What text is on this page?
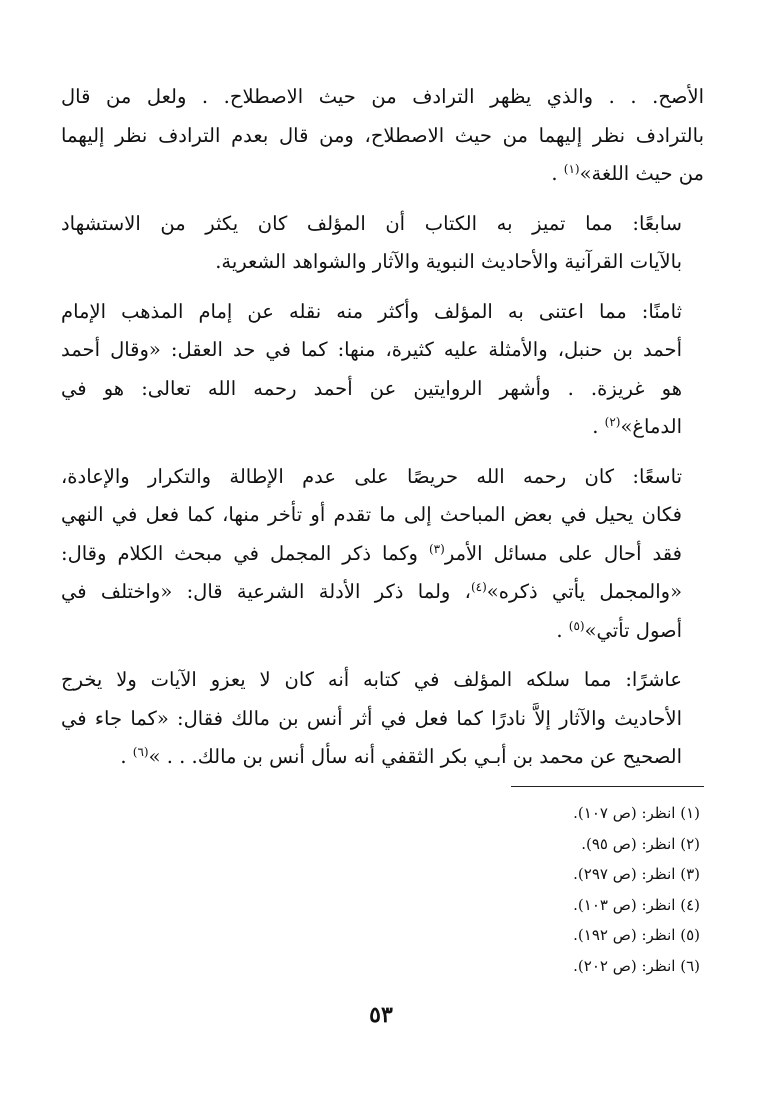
الأصح. . . والذي يظهر الترادف من حيث الاصطلاح. . ولعل من قال
بالترادف نظر إليهما من حيث الاصطلاح، ومن قال بعدم الترادف نظر إليهما
من حيث اللغة»$^{(١)}$ .

سابعًا: مما تميز به الكتاب أن المؤلف كان يكثر من الاستشهاد
بالآيات القرآنية والأحاديث النبوية والآثار والشواهد الشعرية.

ثامنًا: مما اعتنى به المؤلف وأكثر منه نقله عن إمام المذهب الإمام
أحمد بن حنبل، والأمثلة عليه كثيرة، منها: كما في حد العقل: «وقال أحمد
هو غريزة. . وأشهر الروايتين عن أحمد رحمه الله تعالى: هو في
الدماغ»$^{(٢)}$ .

تاسعًا: كان رحمه الله حريصًا على عدم الإطالة والتكرار والإعادة،
فكان يحيل في بعض المباحث إلى ما تقدم أو تأخر منها، كما فعل في النهي
فقد أحال على مسائل الأمر$^{(٣)}$ وكما ذكر المجمل في مبحث الكلام وقال:
«والمجمل يأتي ذكره»$^{(٤)}$، ولما ذكر الأدلة الشرعية قال: «واختلف في
أصول تأتي»$^{(٥)}$ .

عاشرًا: مما سلكه المؤلف في كتابه أنه كان لا يعزو الآيات ولا يخرج
الأحاديث والآثار إلاَّ نادرًا كما فعل في أثر أنس بن مالك فقال: «كما جاء في
الصحيح عن محمد بن أبـي بكر الثقفي أنه سأل أنس بن مالك. . . »$^{(٦)}$ .

(١) انظر: (ص ١٠٧).
(٢) انظر: (ص ٩٥).
(٣) انظر: (ص ٢٩٧).
(٤) انظر: (ص ١٠٣).
(٥) انظر: (ص ١٩٢).
(٦) انظر: (ص ٢٠٢).
٥٣
